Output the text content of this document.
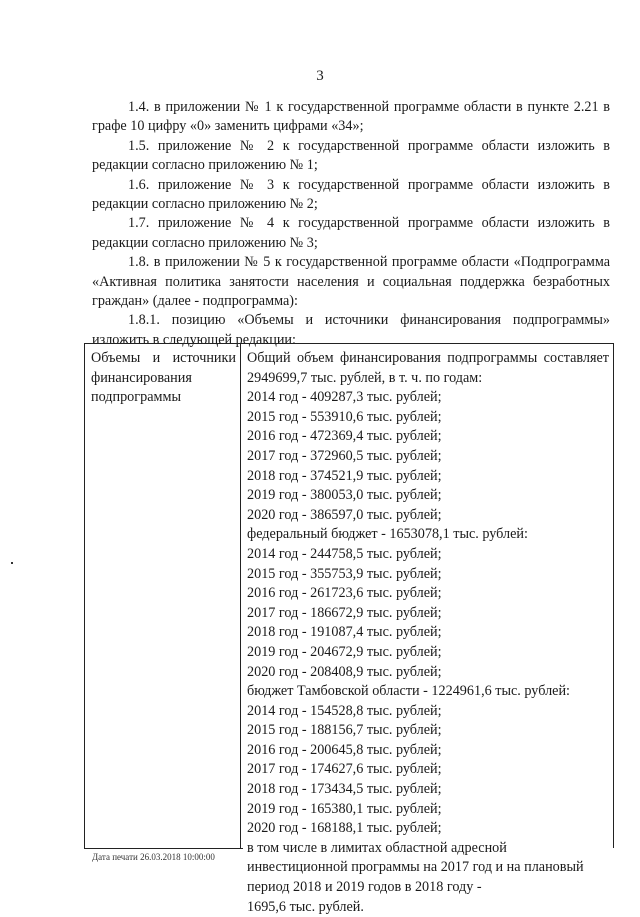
3

1.4. в приложении № 1 к государственной программе области в пункте 2.21 в графе 10 цифру «0» заменить цифрами «34»;

1.5. приложение № 2 к государственной программе области изложить в редакции согласно приложению № 1;

1.6. приложение № 3 к государственной программе области изложить в редакции согласно приложению № 2;

1.7. приложение № 4 к государственной программе области изложить в редакции согласно приложению № 3;

1.8. в приложении № 5 к государственной программе области «Подпрограмма «Активная политика занятости населения и социальная поддержка безработных граждан» (далее - подпрограмма):

1.8.1. позицию «Объемы и источники финансирования подпрограммы» изложить в следующей редакции:

Объемы и источники финансирования подпрограммы
Общий объем финансирования подпрограммы составляет 2949699,7 тыс. рублей, в т. ч. по годам:
2014 год - 409287,3 тыс. рублей;
2015 год - 553910,6 тыс. рублей;
2016 год - 472369,4 тыс. рублей;
2017 год - 372960,5 тыс. рублей;
2018 год - 374521,9 тыс. рублей;
2019 год - 380053,0 тыс. рублей;
2020 год - 386597,0 тыс. рублей;
федеральный бюджет - 1653078,1 тыс. рублей:
2014 год - 244758,5 тыс. рублей;
2015 год - 355753,9 тыс. рублей;
2016 год - 261723,6 тыс. рублей;
2017 год - 186672,9 тыс. рублей;
2018 год - 191087,4 тыс. рублей;
2019 год - 204672,9 тыс. рублей;
2020 год - 208408,9 тыс. рублей;
бюджет Тамбовской области - 1224961,6 тыс. рублей:
2014 год - 154528,8 тыс. рублей;
2015 год - 188156,7 тыс. рублей;
2016 год - 200645,8 тыс. рублей;
2017 год - 174627,6 тыс. рублей;
2018 год - 173434,5 тыс. рублей;
2019 год - 165380,1 тыс. рублей;
2020 год - 168188,1 тыс. рублей;
в том числе в лимитах областной адресной
инвестиционной программы на 2017 год и на плановый
период 2018 и 2019 годов в 2018 году -
1695,6 тыс. рублей.
Дата печати 26.03.2018 10:00:00
